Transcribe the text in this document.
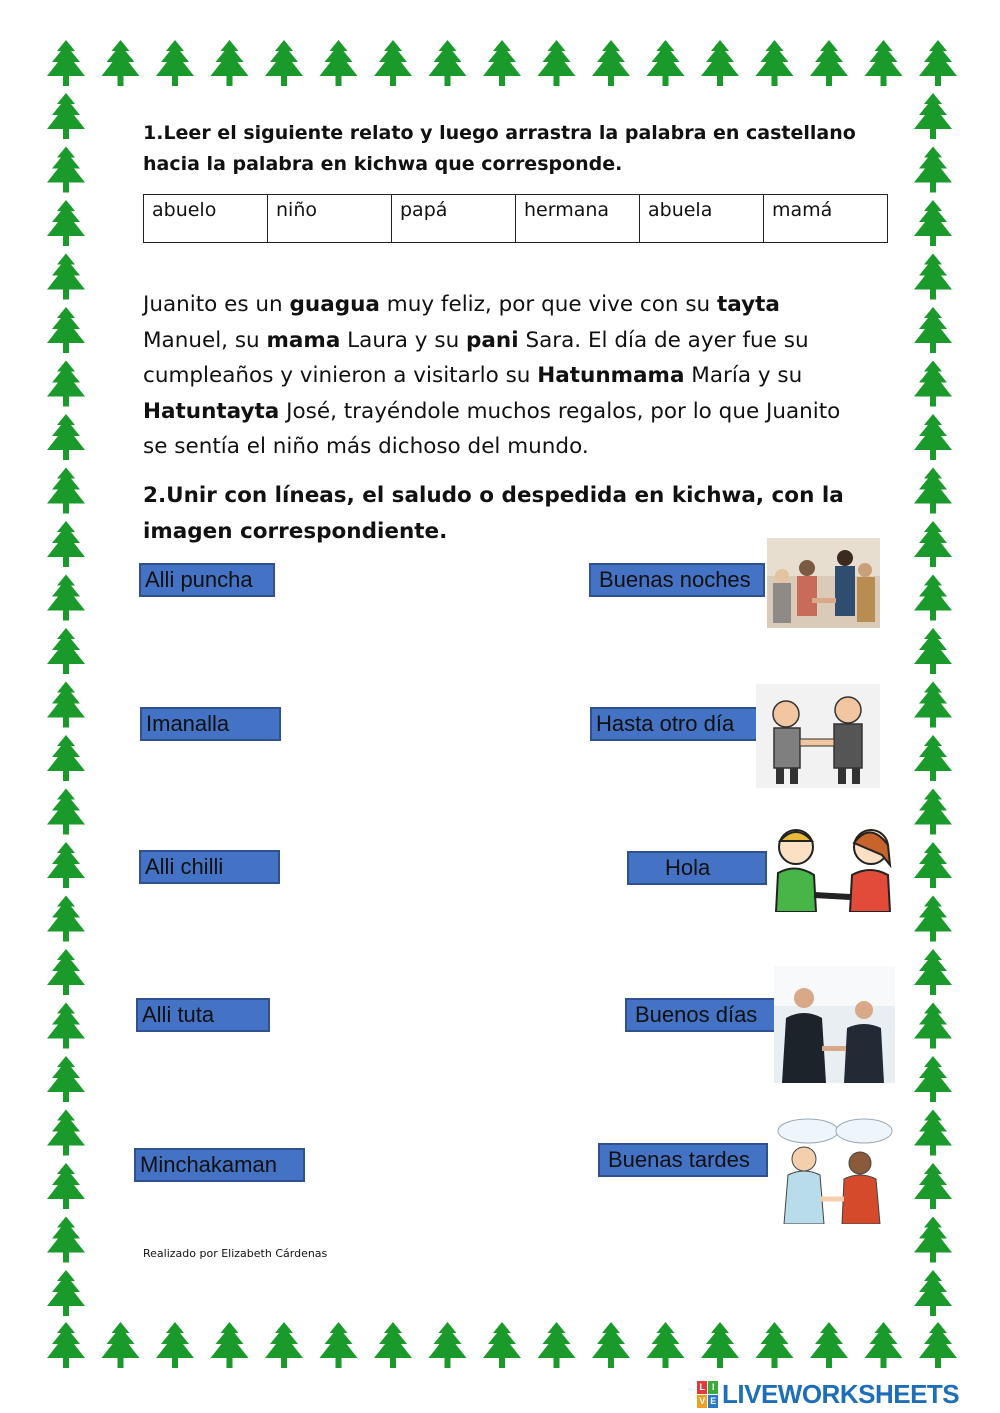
1.Leer el siguiente relato y luego arrastra la palabra en castellano hacia la palabra en kichwa que corresponde.

abuelo	niño	papá	hermana	abuela	mamá

Juanito es un guagua muy feliz, por que vive con su tayta Manuel, su mama Laura y su pani Sara. El día de ayer fue su cumpleaños y vinieron a visitarlo su Hatunmama María y su Hatuntayta José, trayéndole muchos regalos, por lo que Juanito se sentía el niño más dichoso del mundo.

2.Unir con líneas, el saludo o despedida en kichwa, con la imagen correspondiente.

Alli puncha
Imanalla
Alli chilli
Alli tuta
Minchakaman
Buenas noches
Hasta otro día
Hola
Buenos días
Buenas tardes

Realizado por Elizabeth Cárdenas

L I
V E LIVEWORKSHEETS
